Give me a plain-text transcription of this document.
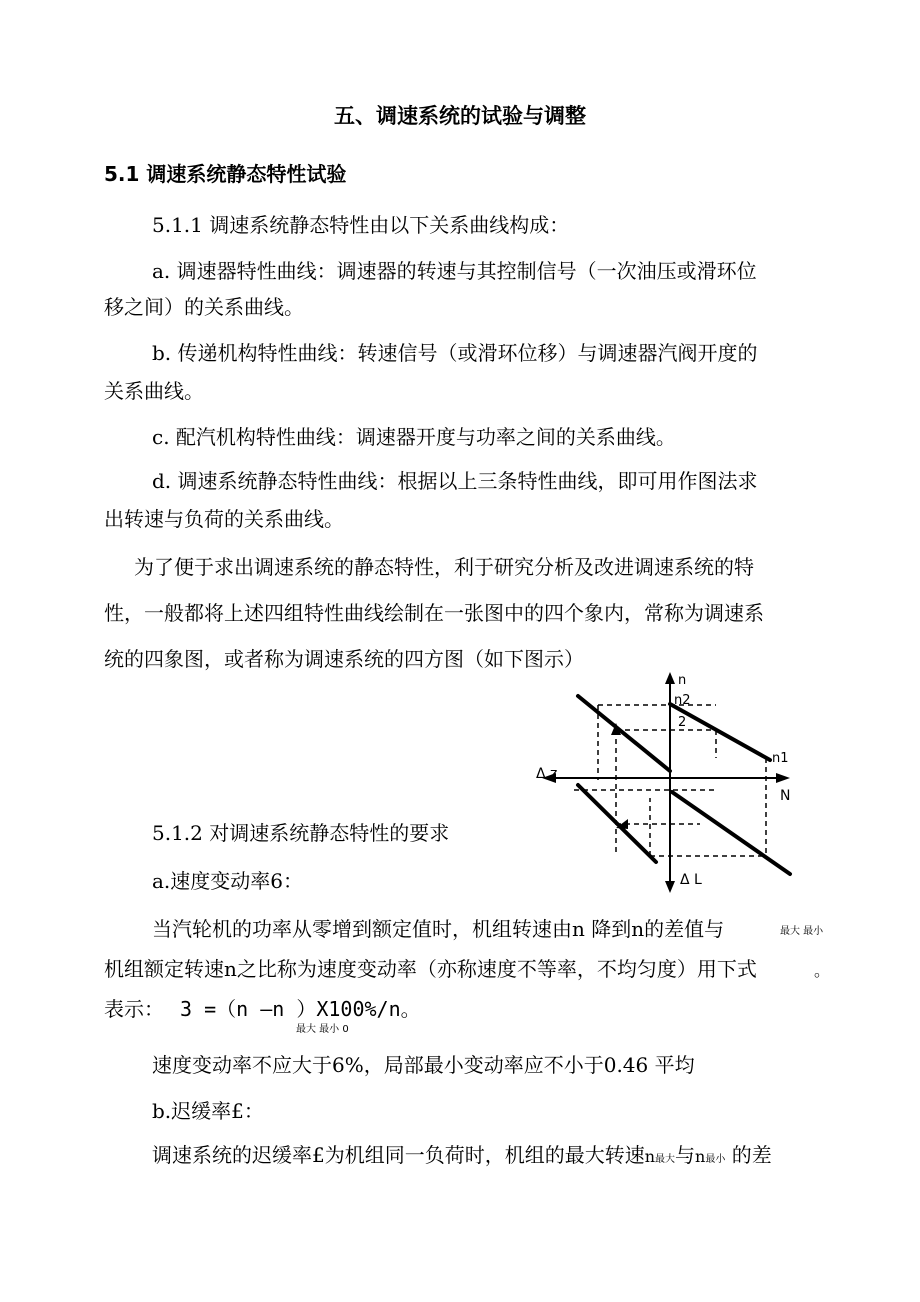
五、调速系统的试验与调整
5.1 调速系统静态特性试验
5.1.1 调速系统静态特性由以下关系曲线构成：
a. 调速器特性曲线：调速器的转速与其控制信号（一次油压或滑环位
移之间）的关系曲线。
b. 传递机构特性曲线：转速信号（或滑环位移）与调速器汽阀开度的
关系曲线。
c. 配汽机构特性曲线：调速器开度与功率之间的关系曲线。
d. 调速系统静态特性曲线：根据以上三条特性曲线，即可用作图法求
出转速与负荷的关系曲线。
为了便于求出调速系统的静态特性，利于研究分析及改进调速系统的特
性，一般都将上述四组特性曲线绘制在一张图中的四个象内，常称为调速系
统的四象图，或者称为调速系统的四方图（如下图示）
n
n2
2
n1
Δ z
N
Δ L
5.1.2 对调速系统静态特性的要求
a.速度变动率6：
当汽轮机的功率从零增到额定值时，机组转速由n 降到n的差值与	最大 最小
机组额定转速n之比称为速度变动率（亦称速度不等率，不均匀度）用下式	。
表示： 3 =（n —n ）X100%/n。
最大 最小 0
速度变动率不应大于6%，局部最小变动率应不小于0.46 平均
b.迟缓率£：
调速系统的迟缓率£为机组同一负荷时，机组的最大转速n最大与n最小 的差
